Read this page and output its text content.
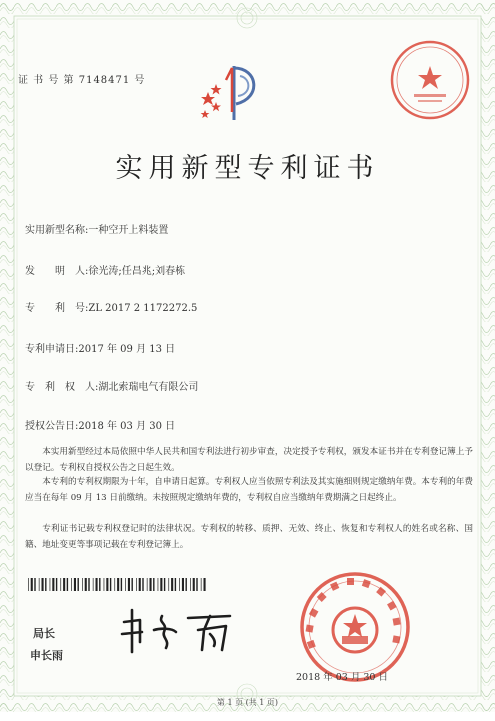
证 书 号 第 7148471 号
实用新型专利证书
实用新型名称:一种空开上料装置
发　　明　人:徐光涛;任昌兆;刘春栋
专　　利　号:ZL 2017 2 1172272.5
专利申请日:2017 年 09 月 13 日
专　利　权　人:湖北索瑞电气有限公司
授权公告日:2018 年 03 月 30 日
本实用新型经过本局依照中华人民共和国专利法进行初步审查，决定授予专利权，颁发本证书并在专利登记簿上予以登记。专利权自授权公告之日起生效。
本专利的专利权期限为十年，自申请日起算。专利权人应当依照专利法及其实施细则规定缴纳年费。本专利的年费应当在每年 09 月 13 日前缴纳。未按照规定缴纳年费的，专利权自应当缴纳年费期满之日起终止。
专利证书记载专利权登记时的法律状况。专利权的转移、质押、无效、终止、恢复和专利权人的姓名或名称、国籍、地址变更等事项记载在专利登记簿上。
局长
申长雨
2018 年 03 月 30 日
第 1 页 (共 1 页)
